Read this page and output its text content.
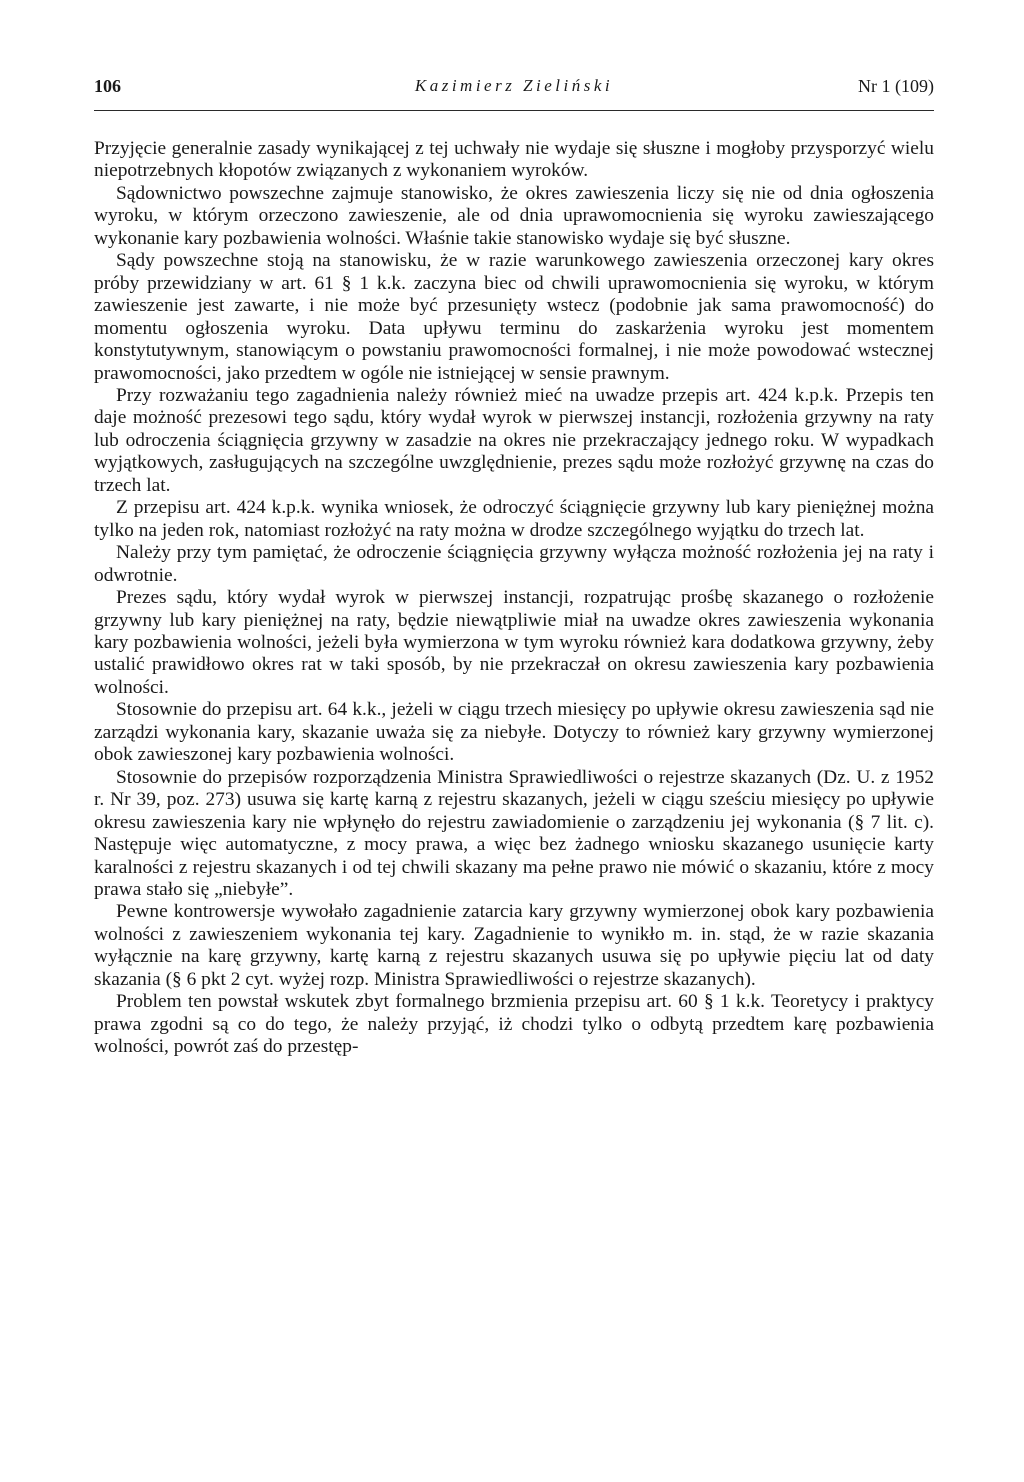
106	Kazimierz Zieliński	Nr 1 (109)

Przyjęcie generalnie zasady wynikającej z tej uchwały nie wydaje się słuszne i mogłoby przysporzyć wielu niepotrzebnych kłopotów związanych z wykonaniem wyroków.

Sądownictwo powszechne zajmuje stanowisko, że okres zawieszenia liczy się nie od dnia ogłoszenia wyroku, w którym orzeczono zawieszenie, ale od dnia uprawomocnienia się wyroku zawieszającego wykonanie kary pozbawienia wolności. Właśnie takie stanowisko wydaje się być słuszne.

Sądy powszechne stoją na stanowisku, że w razie warunkowego zawieszenia orzeczonej kary okres próby przewidziany w art. 61 § 1 k.k. zaczyna biec od chwili uprawomocnienia się wyroku, w którym zawieszenie jest zawarte, i nie może być przesunięty wstecz (podobnie jak sama prawomocność) do momentu ogłoszenia wyroku. Data upływu terminu do zaskarżenia wyroku jest momentem konstytutywnym, stanowiącym o powstaniu prawomocności formalnej, i nie może powodować wstecznej prawomocności, jako przedtem w ogóle nie istniejącej w sensie prawnym.

Przy rozważaniu tego zagadnienia należy również mieć na uwadze przepis art. 424 k.p.k. Przepis ten daje możność prezesowi tego sądu, który wydał wyrok w pierwszej instancji, rozłożenia grzywny na raty lub odroczenia ściągnięcia grzywny w zasadzie na okres nie przekraczający jednego roku. W wypadkach wyjątkowych, zasługujących na szczególne uwzględnienie, prezes sądu może rozłożyć grzywnę na czas do trzech lat.

Z przepisu art. 424 k.p.k. wynika wniosek, że odroczyć ściągnięcie grzywny lub kary pieniężnej można tylko na jeden rok, natomiast rozłożyć na raty można w drodze szczególnego wyjątku do trzech lat.

Należy przy tym pamiętać, że odroczenie ściągnięcia grzywny wyłącza możność rozłożenia jej na raty i odwrotnie.

Prezes sądu, który wydał wyrok w pierwszej instancji, rozpatrując prośbę skazanego o rozłożenie grzywny lub kary pieniężnej na raty, będzie niewątpliwie miał na uwadze okres zawieszenia wykonania kary pozbawienia wolności, jeżeli była wymierzona w tym wyroku również kara dodatkowa grzywny, żeby ustalić prawidłowo okres rat w taki sposób, by nie przekraczał on okresu zawieszenia kary pozbawienia wolności.

Stosownie do przepisu art. 64 k.k., jeżeli w ciągu trzech miesięcy po upływie okresu zawieszenia sąd nie zarządzi wykonania kary, skazanie uważa się za niebyłe. Dotyczy to również kary grzywny wymierzonej obok zawieszonej kary pozbawienia wolności.

Stosownie do przepisów rozporządzenia Ministra Sprawiedliwości o rejestrze skazanych (Dz. U. z 1952 r. Nr 39, poz. 273) usuwa się kartę karną z rejestru skazanych, jeżeli w ciągu sześciu miesięcy po upływie okresu zawieszenia kary nie wpłynęło do rejestru zawiadomienie o zarządzeniu jej wykonania (§ 7 lit. c). Następuje więc automatyczne, z mocy prawa, a więc bez żadnego wniosku skazanego usunięcie karty karalności z rejestru skazanych i od tej chwili skazany ma pełne prawo nie mówić o skazaniu, które z mocy prawa stało się „niebyłe”.

Pewne kontrowersje wywołało zagadnienie zatarcia kary grzywny wymierzonej obok kary pozbawienia wolności z zawieszeniem wykonania tej kary. Zagadnienie to wynikło m. in. stąd, że w razie skazania wyłącznie na karę grzywny, kartę karną z rejestru skazanych usuwa się po upływie pięciu lat od daty skazania (§ 6 pkt 2 cyt. wyżej rozp. Ministra Sprawiedliwości o rejestrze skazanych).

Problem ten powstał wskutek zbyt formalnego brzmienia przepisu art. 60 § 1 k.k. Teoretycy i praktycy prawa zgodni są co do tego, że należy przyjąć, iż chodzi tylko o odbytą przedtem karę pozbawienia wolności, powrót zaś do przestęp-
